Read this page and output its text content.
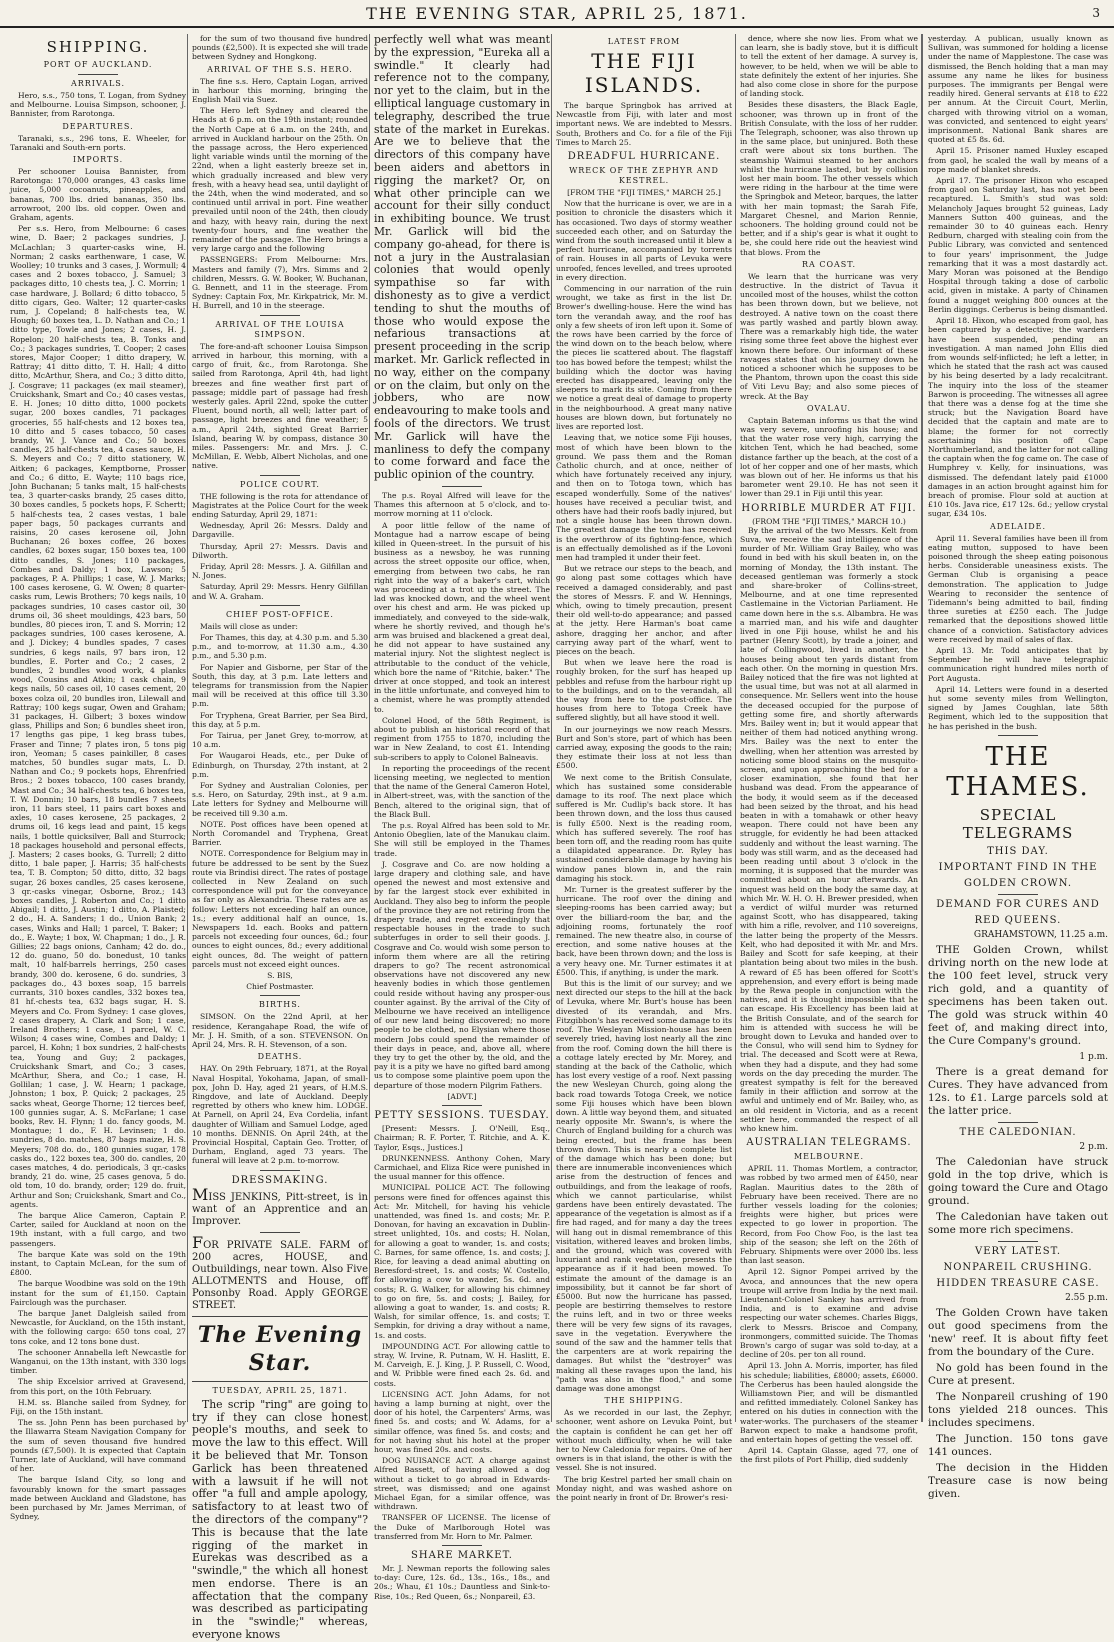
THE EVENING STAR, APRIL 25, 1871.	3
SHIPPING.
PORT OF AUCKLAND.
ARRIVALS.

Hero, s.s., 750 tons, T. Logan, from Sydney and Melbourne. Louisa Simpson, schooner, J. Bannister, from Rarotonga.

DEPARTURES.

Taranaki, s.s., 296 tons, E. Wheeler, for Taranaki and South-ern ports.

IMPORTS.

Per schooner Louisa Bannister, from Rarotonga: 170,000 oranges, 43 casks lime juice, 5,000 cocoanuts, pineapples, and bananas, 700 lbs. dried bananas, 350 lbs. arrowroot, 200 lbs. old copper. Owen and Graham, agents.

Per s.s. Hero, from Melbourne: 6 cases wine, D. Baer; 2 packages sundries, J. McLachlan; 3 quarter-casks wine, H. Norman; 2 casks earthenware, 1 case, W. Woolley; 10 trunks and 3 cases, J. Wormull; 4 cases and 2 boxes tobacco, J. Samuel; 3 packages ditto, 10 chests tea, J. C. Morrin; 1 case hardware, J. Bollard; 6 ditto tobacco, 5 ditto cigars, Geo. Walter; 12 quarter-casks rum, J. Copeland; 8 half-chests tea, W. Hough; 60 boxes tea, L. D. Nathan and Co.; 1 ditto type, Towle and Jones; 2 cases, H. J. Ropelon; 20 half-chests tea, B. Tonks and Co.; 3 packages sundries, T. Cooper; 2 cases stores, Major Cooper; 1 ditto drapery, W. Rattray; 41 ditto ditto, T. H. Hall; 4 ditto ditto, McArthur, Shera, and Co.; 3 ditto ditto, J. Cosgrave; 11 packages (ex mail steamer), Cruickshank, Smart and Co.; 40 cases vestas, E. H. Jones; 10 ditto ditto, 1000 pockets sugar, 200 boxes candles, 71 packages groceries, 55 half-chests and 12 boxes tea, 10 ditto and 5 cases tobacco, 50 cases brandy, W. J. Vance and Co.; 50 boxes candles, 25 half-chests tea, 4 cases sauce, H. S. Meyers and Co.; 7 ditto stationery, W. Aitken; 6 packages, Kemptborne, Prosser and Co.; 6 ditto, E. Wayte; 110 bags rice, John Buchanan; 5 tanks malt, 15 half-chests tea, 3 quarter-casks brandy, 25 cases ditto, 30 boxes candles, 5 pockets hops, F. Schertt; 5 half-chests tea, 2 cases vestas, 1 bale paper bags, 50 packages currants and raisins, 20 cases kerosene oil, John Buchanan; 26 boxes coffee, 26 boxes candles, 62 boxes sugar, 150 boxes tea, 100 ditto candles, S. Jones; 110 packages, Combes and Daldy; 1 box, Lawson; 5 packages, P. A. Phillips; 1 case, W. J. Marks; 100 cases kerosene, G. W. Owen; 8 quarter-casks rum, Lewis Brothers; 70 kegs nails, 10 packages sundries, 10 cases castor oil, 30 drums oil, 36 sheet mouldings, 423 bars, 50 bundles, 80 pieces iron, T. and S. Morrin; 12 packages sundries, 100 cases kerosene, A. and J. Dickey; 4 bundles spades, 7 cases sundries, 6 kegs nails, 97 bars iron, 12 bundles, E. Porter and Co.; 2 cases, 2 bundles, 2 bundles wood work, 4 planks wood, Cousins and Atkin; 1 cask chain, 9 kegs nails, 50 cases oil, 10 cases cement, 20 boxes colza oil, 20 bundles iron, Lilewall and Rattray; 100 kegs sugar, Owen and Graham; 31 packages, H. Gilbert; 3 boxes window glass, Phillips and Son; 6 bundles sheet iron, 17 lengths gas pipe, 1 keg brass tubes, Fraser and Tinne; 7 plates iron, 5 tons pig iron, Yeoman; 5 cases painkiller, 8 cases matches, 50 bundles sugar mats, L. D. Nathan and Co.; 9 pockets hops, Ehrenfried Bros.; 2 boxes tobacco, 100 cases brandy, Mast and Co.; 34 half-chests tea, 6 boxes tea, T. W. Donnin; 10 bars, 18 bundles 7 sheets iron, 11 bars steel, 11 pairs cart boxes and axles, 10 cases kerosene, 25 packages, 2 drums oil, 16 kegs lead and paint, 15 kegs nails, 1 bottle quicksilver, Ball and Sturrock; 18 packages household and personal effects, J. Masters; 2 cases books, G. Turrell; 2 ditto ditto, 1 bale paper, J. Harris; 35 half-chests tea, T. B. Compton; 50 ditto, ditto, 32 bags sugar, 26 boxes candles, 25 cases kerosene, 3 qr.-casks vinegar, Osborne, Broz.; 143 boxes candles, J. Roberton and Co.; 1 ditto Abigail; 1 ditto, J. Austin; 1 ditto, A. Plaisted; 2 do., H. A. Sanders; 1 do., Union Bank; 2 cases, Winks and Hall; 1 parcel, T. Baker; 1 do., E. Wayte; 1 box, W. Chapman; 1 do., J. R. Gillies; 22 bags onions, Canham; 42 do. do., 12 do. guano, 50 do. bonedust, 10 tanks malt, 10 half-barrels herrings, 250 cases brandy, 300 do. kerosene, 6 do. sundries, 3 packages do., 43 boxes soap, 15 barrels currants, 310 boxes candles, 332 boxes tea, 81 hf.-chests tea, 632 bags sugar, H. S. Meyers and Co. From Sydney: 1 case gloves, 2 cases drapery, A. Clark and Son; 1 case, Ireland Brothers; 1 case, 1 parcel, W. C. Wilson; 4 cases wine, Combes and Daldy; 1 parcel, H. Kohn; 1 box sundries, 2 half-chests tea, Young and Guy; 2 packages, Cruickshank Smart, and Co.; 3 cases, McArthur, Shera, and Co.; 1 case, H. Gollilan; 1 case, J. W. Hearn; 1 package, Johnston; 1 box, P. Quick; 2 packages, 25 sacks wheat, George Thorne; 12 tierces beef, 100 gunnies sugar, A. S. McFarlane; 1 case books, Rev. H. Flynn; 1 do. fancy goods, M. Montague; 1 do., F. H. Levinsen; 1 do. sundries, 8 do. matches, 87 bags maize, H. S. Meyers; 708 do. do., 180 gunnies sugar, 178 casks do., 122 boxes tea, 300 do. candles, 20 cases matches, 4 do. periodicals, 3 qr.-casks brandy, 21 do. wine, 25 cases genova, 5 do. old tom, 10 do. brandy, order; 129 do. fruit, Arthur and Son; Cruickshank, Smart and Co., agents.

The barque Alice Cameron, Captain P. Carter, sailed for Auckland at noon on the 19th instant, with a full cargo, and two passengers.

The barque Kate was sold on the 19th instant, to Captain McLean, for the sum of £800.

The barque Woodbine was sold on the 19th instant for the sum of £1,150. Captain Fairclough was the purchaser.

The barque Janet Dalgleish sailed from Newcastle, for Auckland, on the 15th instant, with the following cargo: 650 tons coal, 27 tons coke, and 12 tons bone dust.

The schooner Annabella left Newcastle for Wanganui, on the 13th instant, with 330 logs timber.

The ship Excelsior arrived at Gravesend, from this port, on the 10th February.

H.M. ss. Blanche sailed from Sydney, for Fiji, on the 15th instant.

The ss. John Penn has been purchased by the Illawarra Steam Navigation Company for the sum of seven thousand five hundred pounds (£7,500). It is expected that Captain Turner, late of Auckland, will have command of her.

The barque Island City, so long and favourably known for the smart passages made between Auckland and Gladstone, has been purchased by Mr. James Merriman, of Sydney,

for the sum of two thousand five hundred pounds (£2,500). It is expected she will trade between Sydney and Hongkong.

ARRIVAL OF THE S.S. HERO.

The fine s.s. Hero, Captain Logan, arrived in harbour this morning, bringing the English Mail via Suez.

The Hero left Sydney and cleared the Heads at 6 p.m. on the 19th instant; rounded the North Cape at 6 a.m. on the 24th, and arrived in Auckland harbour on the 25th. On the passage across, the Hero experienced light variable winds until the morning of the 22nd, when a light easterly breeze set in, which gradually increased and blew very fresh, with a heavy head sea, until daylight of the 24th, when the wind moderated, and so continued until arrival in port. Fine weather prevailed until noon of the 24th, then cloudy and hazy, with heavy rain, during the next twenty-four hours, and fine weather the remainder of the passage. The Hero brings a very large cargo and the following

PASSENGERS: From Melbourne: Mrs. Masters and family (7), Mrs. Simms and 2 children, Messrs. G. W. Booker, W. Buchanan, G. Bennett, and 11 in the steerage. From Sydney: Captain Fox, Mr. Kirkpatrick, Mr. M. H. Burrell, and 10 in the steerage.

ARRIVAL OF THE LOUISA SIMPSON.

The fore-and-aft schooner Louisa Simpson arrived in harbour, this morning, with a cargo of fruit, &c., from Rarotonga. She sailed from Rarotonga, April 4th, had light breezes and fine weather first part of passage; middle part of passage had fresh westerly gales. April 22nd, spoke the cutter Fluent, bound north, all well; latter part of passage, light breezes and fine weather; 5 a.m., April 24th, sighted Great Barrier Island, bearing W. by compass, distance 30 miles. Passengers: Mr. and Mrs. J. C. McMillan, E. Webb, Albert Nicholas, and one native.

POLICE COURT.

THE following is the rota for attendance of Magistrates at the Police Court for the week ending Saturday, April 29, 1871:

Wednesday, April 26: Messrs. Daldy and Dargaville.

Thursday, April 27: Messrs. Davis and Dilworth.

Friday, April 28: Messrs. J. A. Gilfillan and N. Jones.

Saturday, April 29: Messrs. Henry Gilfillan and W. A. Graham.

CHIEF POST-OFFICE.

Mails will close as under:

For Thames, this day, at 4.30 p.m. and 5.30 p.m., and to-morrow, at 11.30 a.m., 4.30 p.m., and 5.30 p.m.

For Napier and Gisborne, per Star of the South, this day, at 3 p.m. Late letters and telegrams for transmission from the Napier mail will be received at this office till 3.30 p.m.

For Tryphena, Great Barrier, per Sea Bird, this day, at 5 p.m.

For Tairua, per Janet Grey, to-morrow, at 10 a.m.

For Waugaroi Heads, etc., per Duke of Edinburgh, on Thursday, 27th instant, at 2 p.m.

For Sydney and Australian Colonies, per s.s. Hero, on Saturday, 29th inst., at 9 a.m. Late letters for Sydney and Melbourne will be received till 9.30 a.m.

NOTE. Post offices have been opened at North Coromandel and Tryphena, Great Barrier.

NOTE. Correspondence for Belgium may in future be addressed to be sent by the Suez route via Brindisi direct. The rates of postage collected in New Zealand on such correspondence will put for the conveyance as far only as Alexandria. These rates are as follow: Letters not exceeding half an ounce, 1s.; every additional half an ounce, 1s. Newspapers 1d. each. Books and pattern parcels not exceeding four ounces, 6d.; four ounces to eight ounces, 8d.; every additional eight ounces, 8d. The weight of pattern parcels must not exceed eight ounces.

S. BIS,

Chief Postmaster.

BIRTHS.

SIMSON. On the 22nd April, at her residence, Kerangahape Road, the wife of Mr. J. H. Smith, of a son. STEVENSON. On April 24, Mrs. R. H. Stevenson, of a son.

DEATHS.

HAY. On 29th February, 1871, at the Royal Naval Hospital, Yokohama, Japan, of small-pox, John D. Hay, aged 21 years, of H.M.S. Ringdove, and late of Auckland. Deeply regretted by others who knew him. LODGE. At Parnell, on April 24, Eva Cordelia, infant daughter of William and Samuel Lodge, aged 10 months. DENNIS. On April 24th, at the Provincial Hospital, Captain Geo. Trotter, of Durham, England, aged 73 years. The funeral will leave at 2 p.m. to-morrow.

DRESSMAKING.
MISS JENKINS, Pitt-street, is in want of an Apprentice and an Improver.
FOR PRIVATE SALE. FARM of 200 acres, HOUSE, and Outbuildings, near town. Also Five ALLOTMENTS and House, off Ponsonby Road. Apply GEORGE STREET.
The Evening Star.
TUESDAY, APRIL 25, 1871.

The scrip "ring" are going to try if they can close honest people's mouths, and seek to move the law to this effect. Will it be believed that Mr. Tonson Garlick has been threatened with a lawsuit if he will not offer "a full and ample apology, satisfactory to at least two of the directors of the company"? This is because that the late rigging of the market in Eurekas was described as a "swindle," the which all honest men endorse. There is an affectation that the company was described as participating in the "swindle;" whereas, everyone knows

perfectly well what was meant by the expression, "Eureka all a swindle." It clearly had reference not to the company, nor yet to the claim, but in the elliptical language customary in telegraphy, described the true state of the market in Eurekas. Are we to believe that the directors of this company have been aiders and abettors in rigging the market? Or, on what other principle can we account for their silly conduct in exhibiting bounce. We trust Mr. Garlick will bid the company go-ahead, for there is not a jury in the Australasian colonies that would openly sympathise so far with dishonesty as to give a verdict tending to shut the mouths of those who would expose the nefarious transactions at present proceeding in the scrip market. Mr. Garlick reflected in no way, either on the company or on the claim, but only on the jobbers, who are now endeavouring to make tools and fools of the directors. We trust Mr. Garlick will have the manliness to defy the company to come forward and face the public opinion of the country.

The p.s. Royal Alfred will leave for the Thames this afternoon at 5 o'clock, and to-morrow morning at 11 o'clock.

A poor little fellow of the name of Montague had a narrow escape of being killed in Queen-street. In the pursuit of his business as a newsboy, he was running across the street opposite our office, when, emerging from between two cabs, he ran right into the way of a baker's cart, which was proceeding at a trot up the street. The lad was knocked down, and the wheel went over his chest and arm. He was picked up immediately, and conveyed to the side-walk, where he shortly revived, and though he's arm was bruised and blackened a great deal, he did not appear to have sustained any material injury. Not the slightest neglect is attributable to the conduct of the vehicle, which bore the name of "Ritchie, baker." The driver at once stopped, and took an interest in the little unfortunate, and conveyed him to a chemist, where he was promptly attended to.

Colonel Hood, of the 58th Regiment, is about to publish an historical record of that regiment from 1755 to 1870, including the war in New Zealand, to cost £1. Intending sub-scribers to apply to Colonel Balneavis.

In reporting the proceedings of the recent licensing meeting, we neglected to mention that the name of the General Cameron Hotel, in Albert-street, was, with the sanction of the Bench, altered to the original sign, that of the Black Bull.

The p.s. Royal Alfred has been sold to Mr. Antonio Obeglien, late of the Manukau claim. She will still be employed in the Thames trade.

J. Cosgrave and Co. are now holding a large drapery and clothing sale, and have opened the newest and most extensive and by far the largest stock ever exhibited in Auckland. They also beg to inform the people of the province they are not retiring from the drapery trade, and regret exceedingly that respectable houses in the trade to such subterfuges in order to sell their goods. J. Cosgrave and Co. would wish some person to inform them where are all the retiring drapers to go? The recent astronomical observations have not discovered any new heavenly bodies in which those gentlemen could reside without having any prosper-ous counter against. By the arrival of the City of Melbourne we have received an intelligence of our new land being discovered; no more people to be clothed, no Elysian where those modern Jobs could spend the remainder of their days in peace, and, above all, where they try to get the other by, the old, and the pay it is a pity we have no gifted bard among us to compose some plaintive poem upon the departure of those modern Pilgrim Fathers.

[ADVT.]

PETTY SESSIONS. TUESDAY.

[Present: Messrs. J. O'Neill, Esq., Chairman; R. F. Porter, T. Ritchie, and A. K. Taylor, Esqs., Justices.]

DRUNKENNESS. Anthony Cohen, Mary Carmichael, and Eliza Rice were punished in the usual manner for this offence.

MUNICIPAL POLICE ACT. The following persons were fined for offences against this Act: Mr. Mitchell, for having his vehicle unattended, was fined 1s. and costs; Mr. P. Donovan, for having an excavation in Dublin-street unlighted, 10s. and costs; H. Nolan, for allowing a goat to wander, 1s. and costs; C. Barnes, for same offence, 1s. and costs; J. Rice, for leaving a dead animal abutting on Beresford-street, 1s. and costs; W. Costello, for allowing a cow to wander, 5s. 6d. and costs; R. G. Walker, for allowing his chimney to go on fire, 5s. and costs; J. Bailey, for allowing a goat to wander, 1s. and costs; R. Walsh, for similar offence, 1s. and costs; T. Sempkin, for driving a dray without a name, 1s. and costs.

IMPOUNDING ACT. For allowing cattle to stray, W. Irvine, R. Putnam, W. H. Haslitt, E. M. Carveigh, E. J. King, J. P. Russell, C. Wood, and W. Pribble were fined each 2s. 6d. and costs.

LICENSING ACT. John Adams, for not having a lamp burning at night, over the door of his hotel, the Carpenters' Arms, was fined 5s. and costs; and W. Adams, for a similar offence, was fined 5s. and costs; and for not having shut his hotel at the proper hour, was fined 20s. and costs.

DOG NUISANCE ACT. A charge against Alfred Bassett, of having allowed a dog without a ticket to go abroad in Edwards-street, was dismissed; and one against Michael Egan, for a similar offence, was withdrawn.

TRANSFER OF LICENSE. The license of the Duke of Marlborough Hotel was transferred from Mr. Horn to Mr. Palmer.

SHARE MARKET.

Mr. J. Newman reports the following sales to-day: Cure, 12s. 6d., 13s., 16s., 18s., and 20s.; Whau, £1 10s.; Dauntless and Sink-to-Rise, 10s.; Red Queen, 6s.; Nonpareil, £3.

LATEST FROM
THE FIJI ISLANDS.

The barque Springbok has arrived at Newcastle from Fiji, with later and most important news. We are indebted to Messrs. South, Brothers and Co. for a file of the Fiji Times to March 25.

DREADFUL HURRICANE.
WRECK OF THE ZEPHYR AND KESTREL.

[FROM THE "FIJI TIMES," MARCH 25.]

Now that the hurricane is over, we are in a position to chronicle the disasters which it has occasioned. Two days of stormy weather succeeded each other, and on Saturday the wind from the south increased until it blew a perfect hurricane, accompanied by torrents of rain. Houses in all parts of Levuka were unroofed, fences levelled, and trees uprooted in every direction.

Commencing in our narration of the ruin wrought, we take as first in the list Dr. Brower's dwelling-house. Here the wind has torn the verandah away, and the roof has only a few sheets of iron left upon it. Some of the rows have been carried by the force of the wind down on to the beach below, where the pieces lie scattered about. The flagstaff too has bowed before the tempest; whilst the building which the doctor was having erected has disappeared, leaving only the sleepers to mark its site. Coming from there we notice a great deal of damage to property in the neighbourhood. A great many native houses are blown down, but fortunately no lives are reported lost.

Leaving that, we notice some Fiji houses, most of which have been blown to the ground. We pass them and the Roman Catholic church, and at once, neither of which have fortunately received any injury, and then on to Totoga town, which has escaped wonderfully. Some of the natives' houses have received a peculiar twist, and others have had their roofs badly injured, but not a single house has been thrown down. The greatest damage the town has received is the overthrow of its fighting-fence, which is an effectually demolished as if the Lovoni men had trampled it under their feet.

But we retrace our steps to the beach, and go along past some cottages which have received a damaged considerably, and past the stores of Messrs. F. and W. Hennings, which, owing to timely precaution, present their old well-to-do appearance; and passed at the jetty. Here Harman's boat came ashore, dragging her anchor, and after carrying away part of the wharf, went to pieces on the beach.

But when we leave here the road is roughly broken, for the surf has heaped up pebbles and refuse from the harbour right up to the buildings, and on to the verandah, all the way from here to the post-office. The houses from here to Totoga Creek have suffered slightly, but all have stood it well.

In our journeyings we now reach Messrs. Burt and Son's store, part of which has been carried away, exposing the goods to the rain; they estimate their loss at not less than £500.

We next come to the British Consulate, which has sustained some considerable damage to its roof. The next place which suffered is Mr. Cudlip's back store. It has been thrown down, and the loss thus caused is fully £500. Next is the reading room, which has suffered severely. The roof has been torn off, and the reading room has quite a dilapidated appearance. Dr. Ryley has sustained considerable damage by having his window panes blown in, and the rain damaging his stock.

Mr. Turner is the greatest sufferer by the hurricane. The roof over the dining and sleeping-rooms has been carried away; but over the billiard-room the bar, and the adjoining rooms, fortunately the roof remained. The new theatre also, in course of erection, and some native houses at the back, have been thrown down; and the loss is a very heavy one. Mr. Turner estimates it at £500. This, if anything, is under the mark.

But this is the limit of our survey; and we next directed our steps to the hill at the back of Levuka, where Mr. Burt's house has been divested of its verandah, and Mrs. Fitzgibbon's has received some damage to its roof. The Wesleyan Mission-house has been severely tried, having lost nearly all the zinc from the roof. Coming down the hill there is a cottage lately erected by Mr. Morey, and standing at the back of the Catholic, which has lost every vestige of a roof. Next passing the new Wesleyan Church, going along the back road towards Totoga Creek, we notice some Fiji houses which have been blown down. A little way beyond them, and situated nearly opposite Mr. Swann's, is where the Church of England building for a church was being erected, but the frame has been thrown down. This is nearly a complete list of the damage which has been done; but there are innumerable inconveniences which arise from the destruction of fences and outbuildings, and from the leakage of roofs, which we cannot particularise, whilst gardens have been entirely devastated. The appearance of the vegetation is almost as if a fire had raged, and for many a day the trees will hang out in dismal remembrance of this visitation, withered leaves and broken limbs, and the ground, which was covered with luxuriant and rank vegetation, presents the appearance as if it had been mowed. To estimate the amount of the damage is an impossibility, but it cannot be far short of £5000. But now the hurricane has passed, people are bestirring themselves to restore the ruins left, and in two or three weeks there will be very few signs of its ravages, save in the vegetation. Everywhere the sound of the saw and the hammer tells that the carpenters are at work repairing the damages. But whilst the "destroyer" was making all these ravages upon the land, his "path was also in the flood," and some damage was done amongst

THE SHIPPING.

As we recorded in our last, the Zephyr, schooner, went ashore on Levuka Point, but the captain is confident he can get her off without much difficulty, when he will take her to New Caledonia for repairs. One of her owners is in that island, the other is with the vessel. She is not insured.

The brig Kestrel parted her small chain on Monday night, and was washed ashore on the point nearly in front of Dr. Brower's resi-

yesterday. A publican, usually known as Sullivan, was summoned for holding a license under the name of Mapplestone. The case was dismissed, the Bench holding that a man may assume any name he likes for business purposes. The immigrants per Bengal were readily hired. General servants at £18 to £22 per annum. At the Circuit Court, Merlin, charged with throwing vitriol on a woman, was convicted, and sentenced to eight years' imprisonment. National Bank shares are quoted at £5 8s. 6d.

April 15. Prisoner named Huxley escaped from gaol, he scaled the wall by means of a rope made of blanket shreds.

April 17. The prisoner Hixon who escaped from gaol on Saturday last, has not yet been recaptured. L. Smith's stud was sold: Melancholy Jaques brought 52 guineas, Lady Manners Sutton 400 guineas, and the remainder 30 to 40 guineas each. Henry Redburn, charged with stealing coin from the Public Library, was convicted and sentenced to four years' imprisonment, the Judge remarking that it was a most dastardly act. Mary Moran was poisoned at the Bendigo Hospital through taking a dose of carbolic acid, given in mistake. A party of Chinamen found a nugget weighing 800 ounces at the Berlin diggings. Cerberus is being dismantled.

April 18. Hixon, who escaped from gaol, has been captured by a detective; the warders have been suspended, pending an investigation. A man named John Ellis died from wounds self-inflicted; he left a letter, in which he stated that the rash act was caused by his being deserted by a lady recalcitrant. The inquiry into the loss of the steamer Barwon is proceeding. The witnesses all agree that there was a dense fog at the time she struck; but the Navigation Board have decided that the captain and mate are to blame; the former for not correctly ascertaining his position off Cape Northumberland, and the latter for not calling the captain when the fog came on. The case of Humphrey v. Kelly, for insinuations, was dismissed. The defendant lately paid £1000 damages in an action brought against him for breach of promise. Flour sold at auction at £10 10s. Java rice, £17 12s. 6d.; yellow crystal sugar, £34 10s.

ADELAIDE.

April 11. Several families have been ill from eating mutton, supposed to have been poisoned through the sheep eating poisonous herbs. Considerable uneasiness exists. The German Club is organising a peace demonstration. The application to Judge Wearing to reconsider the sentence of Tidemann's being admitted to bail, finding three sureties at £250 each. The Judge remarked that the depositions showed little chance of a conviction. Satisfactory advices were received by mail of sales of flax.

April 13. Mr. Todd anticipates that by September he will have telegraphic communication right hundred miles north of Port Augusta.

April 14. Letters were found in a deserted hut some seventy miles from Wellington, signed by James Coughlan, late 58th Regiment, which led to the supposition that he has perished in the bush.

THE THAMES.
SPECIAL TELEGRAMS
THIS DAY.
IMPORTANT FIND IN THE
GOLDEN CROWN.
DEMAND FOR CURES AND
RED QUEENS.
GRAHAMSTOWN, 11.25 a.m.

THE Golden Crown, whilst driving north on the new lode at the 100 feet level, struck very rich gold, and a quantity of specimens has been taken out. The gold was struck within 40 feet of, and making direct into, the Cure Company's ground.

1 p.m.

There is a great demand for Cures. They have advanced from 12s. to £1. Large parcels sold at the latter price.

THE CALEDONIAN.
2 p.m.

The Caledonian have struck gold in the top drive, which is going toward the Cure and Otago ground.

The Caledonian have taken out some more rich specimens.

VERY LATEST.
NONPAREIL CRUSHING.
HIDDEN TREASURE CASE.
2.55 p.m.

The Golden Crown have taken out good specimens from the 'new' reef. It is about fifty feet from the boundary of the Cure.

No gold has been found in the Cure at present.

The Nonpareil crushing of 190 tons yielded 218 ounces. This includes specimens.

The Junction. 150 tons gave 141 ounces.

The decision in the Hidden Treasure case is now being given.

dence, where she now lies. From what we can learn, she is badly stove, but it is difficult to tell the extent of her damage. A survey is, however, to be held, when we will be able to state definitely the extent of her injuries. She had also come close in shore for the purpose of landing stock.

Besides these disasters, the Black Eagle, schooner, was thrown up in front of the British Consulate, with the loss of her rudder. The Telegraph, schooner, was also thrown up in the same place, but uninjured. Both these craft were about six tons burthen. The steamship Waimui steamed to her anchors whilst the hurricane lasted, but by collision lost her main boom. The other vessels which were riding in the harbour at the time were the Springbok and Meteor, barques, the latter with her main topmast; the Sarah Fife, Margaret Chesnel, and Marion Rennie, schooners. The holding ground could not be better, and if a ship's gear is what it ought to be, she could here ride out the heaviest wind that blows. From the

RA COAST.

We learn that the hurricane was very destructive. In the district of Tavua it uncoiled most of the houses, whilst the cotton has been thrown down, but we believe, not destroyed. A native town on the coast there was partly washed and partly blown away. There was a remarkably high tide, the water rising some three feet above the highest ever known there before. Our informant of these ravages states that on his journey down he noticed a schooner which he supposes to be the Phantom, thrown upon the coast this side of Viti Levu Bay; and also some pieces of wreck. At the Bay

OVALAU.

Captain Bateman informs us that the wind was very severe, unroofing his house; and that the water rose very high, carrying the kitchen Tent, which he had beached, some distance farther up the beach, at the cost of a lot of her copper and one of her masts, which was blown out of her. He informs us that his barometer went 29.10. He has not seen it lower than 29.1 in Fiji until this year.

HORRIBLE MURDER AT FIJI.

(FROM THE "FIJI TIMES," MARCH 10.)

By the arrival of the two Messrs. Kelt from Suva, we receive the sad intelligence of the murder of Mr. William Gray Bailey, who was found in bed with his skull beaten in, on the morning of Monday, the 13th instant. The deceased gentleman was formerly a stock and share-broker of Collins-street, Melbourne, and at one time represented Castlemaine in the Victorian Parliament. He came down here in the s.s. Albambra. He was a married man, and his wife and daughter lived in one Fiji house, whilst he and his partner (Henry Scott), by trade a joiner, and late of Collingwood, lived in another, the houses being about ten yards distant from each other. On the morning in question Mrs. Bailey noticed that the fire was not lighted at the usual time, but was not at all alarmed in consequence. Mr. Sellers went into the house the deceased occupied for the purpose of getting some fire, and shortly afterwards Mrs. Bailey went in; but it would appear that neither of them had noticed anything wrong. Mrs. Bailey was the next to enter the dwelling, when her attention was arrested by noticing some blood stains on the musquito-screen, and upon approaching the bed for a closer examination, she found that her husband was dead. From the appearance of the body, it would seem as if the deceased had been seized by the throat, and his head beaten in with a tomahawk or other heavy weapon. There could not have been any struggle, for evidently he had been attacked suddenly and without the least warning. The body was still warm, and as the deceased had been reading until about 3 o'clock in the morning, it is supposed that the murder was committed about an hour afterwards. An inquest was held on the body the same day, at which Mr. W. H. O. H. Brewer presided, when a verdict of wilful murder was returned against Scott, who has disappeared, taking with him a rifle, revolver, and 110 sovereigns, the latter being the property of the Messrs. Kelt, who had deposited it with Mr. and Mrs. Bailey and Scott for safe keeping, at their plantation being about two miles in the bush. A reward of £5 has been offered for Scott's apprehension, and every effort is being made by the Rewa people in conjunction with the natives, and it is thought impossible that he can escape. His Excellency has been laid at the British Consulate, and of the search for him is attended with success he will be brought down to Levuka and handed over to the Consul, who will send him to Sydney for trial. The deceased and Scott were at Rewa, when they had a dispute, and they had some words on the day preceding the murder. The greatest sympathy is felt for the bereaved family in their affliction and sorrow at the awful and untimely end of Mr. Bailey, who, as an old resident in Victoria, and as a recent settler here, commanded the respect of all who knew him.

AUSTRALIAN TELEGRAMS.
MELBOURNE.

APRIL 11. Thomas Mortlem, a contractor, was robbed by two armed men of £450, near Raglan. Mauritius dates to the 28th of February have been received. There are no further vessels loading for the colonies; freights were higher, but prices were expected to go lower in proportion. The Record, from Foo Chow Foo, is the last tea ship of the season; she left on the 26th of February. Shipments were over 2000 lbs. less than last season.

April 12. Signor Pompei arrived by the Avoca, and announces that the new opera troupe will arrive from India by the next mail. Lieutenant-Colonel Sankey has arrived from India, and is to examine and advise respecting our water schemes. Charles Biggs, clerk to Messrs. Briscoe and Company, ironmongers, committed suicide. The Thomas Brown's cargo of sugar was sold to-day, at a decline of 20s. per ton all round.

April 13. John A. Morris, importer, has filed his schedule; liabilities, £8000; assets, £6000. The Cerberus has been hauled alongside the Williamstown Pier, and will be dismantled and refitted immediately. Colonel Sankey has entered on his duties in connection with the water-works. The purchasers of the steamer Barwon expect to make a handsome profit, and entertain hopes of getting the vessel off.

April 14. Captain Glasse, aged 77, one of the first pilots of Port Phillip, died suddenly
